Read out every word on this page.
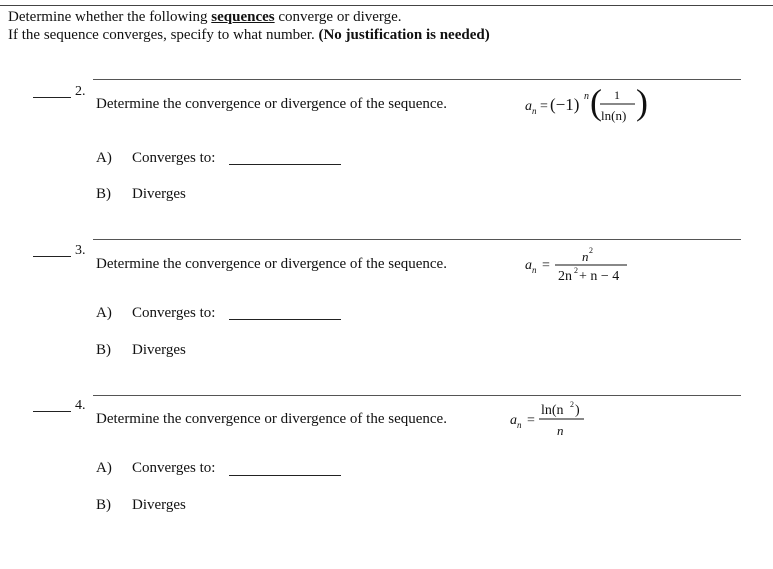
Determine whether the following sequences converge or diverge.
If the sequence converges, specify to what number. (No justification is needed)
2.
Determine the convergence or divergence of the sequence.	a n = (−1) n ( 1
ln(n) )
A) Converges to:
B) Diverges
3.
Determine the convergence or divergence of the sequence.	a n =
n 2
2n 2 + n − 4
A) Converges to:
B) Diverges
4.
Determine the convergence or divergence of the sequence.	a n =
ln(n 2 )
n
A) Converges to:
B) Diverges
